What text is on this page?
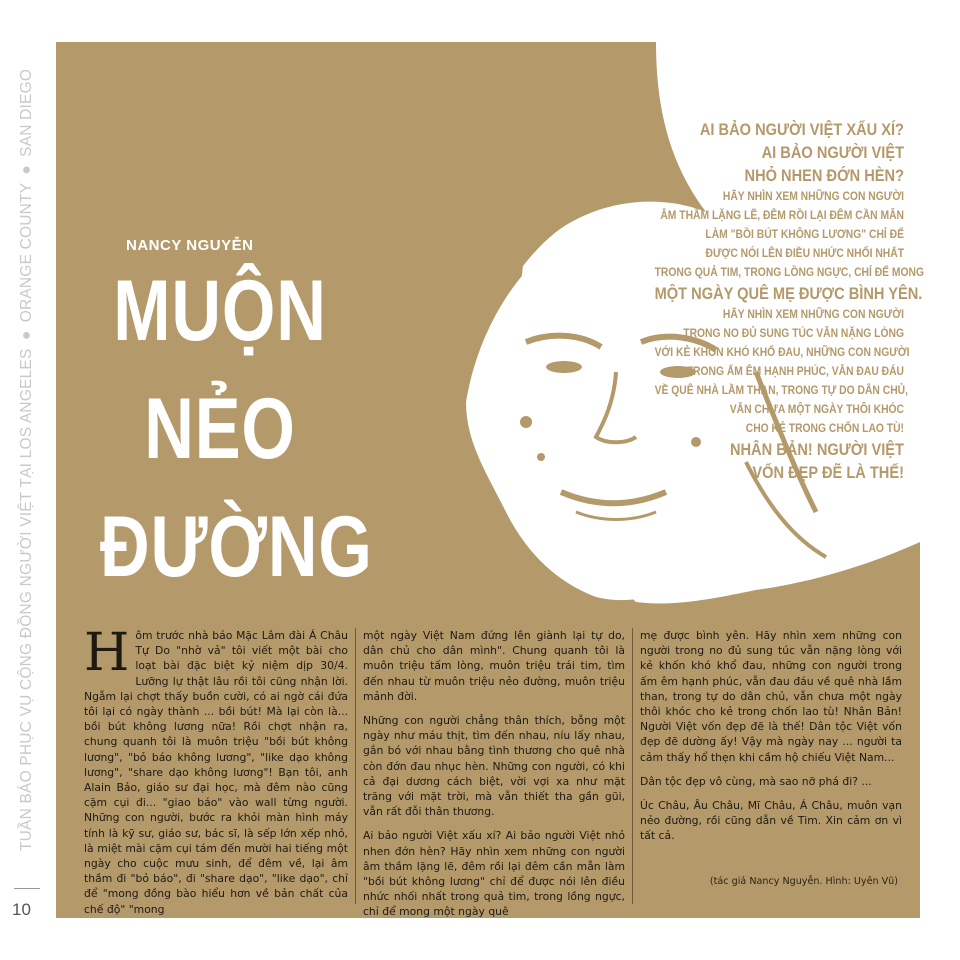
TUẦN BÁO PHỤC VỤ CỘNG ĐỒNG NGƯỜI VIỆT TẠI LOS ANGELES ● ORANGE COUNTY ● SAN DIEGO
10
NANCY NGUYỄN
MUỘN
NẺO
ĐƯỜNG
AI BẢO NGƯỜI VIỆT XẤU XÍ?
AI BẢO NGƯỜI VIỆT
NHỎ NHEN ĐỚN HÈN?
HÃY NHÌN XEM NHỮNG CON NGƯỜI
ÂM THẦM LẶNG LẼ, ĐÊM RỒI LẠI ĐÊM CẦN MẪN
LÀM "BỒI BÚT KHÔNG LƯƠNG" CHỈ ĐỂ
ĐƯỢC NÓI LÊN ĐIỀU NHỨC NHỐI NHẤT
TRONG QUẢ TIM, TRONG LỒNG NGỰC, CHỈ ĐỂ MONG
MỘT NGÀY QUÊ MẸ ĐƯỢC BÌNH YÊN.
HÃY NHÌN XEM NHỮNG CON NGƯỜI
TRONG NO ĐỦ SUNG TÚC VẪN NẶNG LÒNG
VỚI KẺ KHỐN KHÓ KHỔ ĐAU, NHỮNG CON NGƯỜI
TRONG ẤM ÊM HẠNH PHÚC, VẪN ĐAU ĐÁU
VỀ QUÊ NHÀ LẦM THAN, TRONG TỰ DO DÂN CHỦ,
VẪN CHƯA MỘT NGÀY THÔI KHÓC
CHO KẺ TRONG CHỐN LAO TÙ!
NHÂN BẢN! NGƯỜI VIỆT
VỐN ĐẸP ĐẼ LÀ THẾ!

Hôm trước nhà báo Mặc Lâm đài Á Châu Tự Do "nhờ vả" tôi viết một bài cho loạt bài đặc biệt kỷ niệm dịp 30/4. Lưỡng lự thật lâu rồi tôi cũng nhận lời. Ngẫm lại chợt thấy buồn cười, có ai ngờ cái đứa tôi lại có ngày thành ... bồi bút! Mà lại còn là... bồi bút không lương nữa! Rồi chợt nhận ra, chung quanh tôi là muôn triệu "bồi bút không lương", "bỏ báo không lương", "like dạo không lương", "share dạo không lương"! Bạn tôi, anh Alain Bảo, giáo sư đại học, mà đêm nào cũng cặm cụi đi... "giao báo" vào wall từng người. Những con người, bước ra khỏi màn hình máy tính là kỹ sư, giáo sư, bác sĩ, là sếp lớn xếp nhỏ, là miệt mài cặm cụi tám đến mười hai tiếng một ngày cho cuộc mưu sinh, để đêm về, lại âm thầm đi "bỏ báo", đi "share dạo", "like dạo", chỉ để "mong đồng bào hiểu hơn về bản chất của chế độ" "mong

một ngày Việt Nam đứng lên giành lại tự do, dân chủ cho dân mình". Chung quanh tôi là muôn triệu tấm lòng, muôn triệu trái tim, tìm đến nhau từ muôn triệu nẻo đường, muôn triệu mảnh đời.

Những con người chẳng thân thích, bỗng một ngày như máu thịt, tìm đến nhau, níu lấy nhau, gắn bó với nhau bằng tình thương cho quê nhà còn đớn đau nhục hèn. Những con người, có khi cả đại dương cách biệt, vời vợi xa như mặt trăng với mặt trời, mà vẫn thiết tha gần gũi, vẫn rất đỗi thân thương.

Ai bảo người Việt xấu xí? Ai bảo người Việt nhỏ nhen đớn hèn? Hãy nhìn xem những con người âm thầm lặng lẽ, đêm rồi lại đêm cần mẫn làm "bồi bút không lương" chỉ để được nói lên điều nhức nhối nhất trong quả tim, trong lồng ngực, chỉ để mong một ngày quê

mẹ được bình yên. Hãy nhìn xem những con người trong no đủ sung túc vẫn nặng lòng với kẻ khốn khó khổ đau, những con người trong ấm êm hạnh phúc, vẫn đau đáu về quê nhà lầm than, trong tự do dân chủ, vẫn chưa một ngày thôi khóc cho kẻ trong chốn lao tù! Nhân Bản! Người Việt vốn đẹp đẽ là thế! Dân tộc Việt vốn đẹp đẽ dường ấy! Vậy mà ngày nay ... người ta cảm thấy hổ thẹn khi cầm hộ chiếu Việt Nam...

Dân tộc đẹp vô cùng, mà sao nỡ phá đi? ...

Úc Châu, Âu Châu, Mĩ Châu, Á Châu, muôn vạn nẻo đường, rồi cũng dẫn về Tim. Xin cảm ơn vì tất cả.

(tác giả Nancy Nguyễn. Hình: Uyên Vũ)
